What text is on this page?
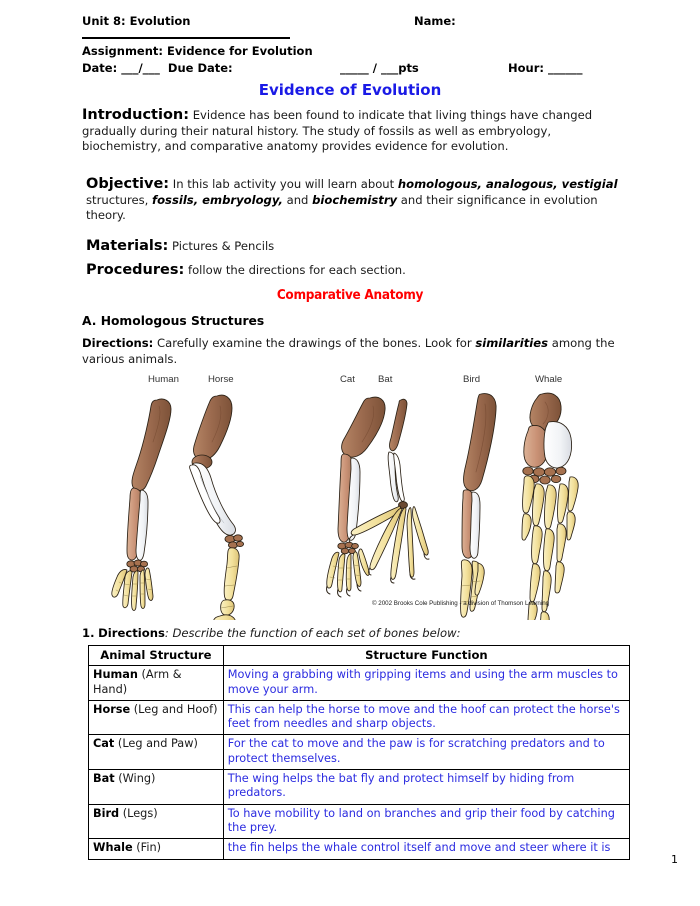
Unit 8: Evolution	Name:
Assignment: Evidence for Evolution
Date: ___/___  Due Date:	_____ / ___pts	Hour: ______
Evidence of Evolution
Introduction: Evidence has been found to indicate that living things have changed gradually during their natural history. The study of fossils as well as embryology, biochemistry, and comparative anatomy provides evidence for evolution.
Objective: In this lab activity you will learn about homologous, analogous, vestigial structures, fossils, embryology, and biochemistry and their significance in evolution theory.
Materials: Pictures & Pencils
Procedures: follow the directions for each section.
Comparative Anatomy
A. Homologous Structures
Directions: Carefully examine the drawings of the bones. Look for similarities among the various animals.
Human	Horse	Cat Bat	Bird	Whale
© 2002 Brooks Cole Publishing - a division of Thomson Learning
1. Directions: Describe the function of each set of bones below:
Animal Structure	Structure Function
Human (Arm & Hand)	Moving a grabbing with gripping items and using the arm muscles to move your arm.
Horse (Leg and Hoof)	This can help the horse to move and the hoof can protect the horse's feet from needles and sharp objects.
Cat (Leg and Paw)	For the cat to move and the paw is for scratching predators and to protect themselves.
Bat (Wing)	The wing helps the bat fly and protect himself by hiding from predators.
Bird (Legs)	To have mobility to land on branches and grip their food by catching the prey.
Whale (Fin)	the fin helps the whale control itself and move and steer where it is
1
